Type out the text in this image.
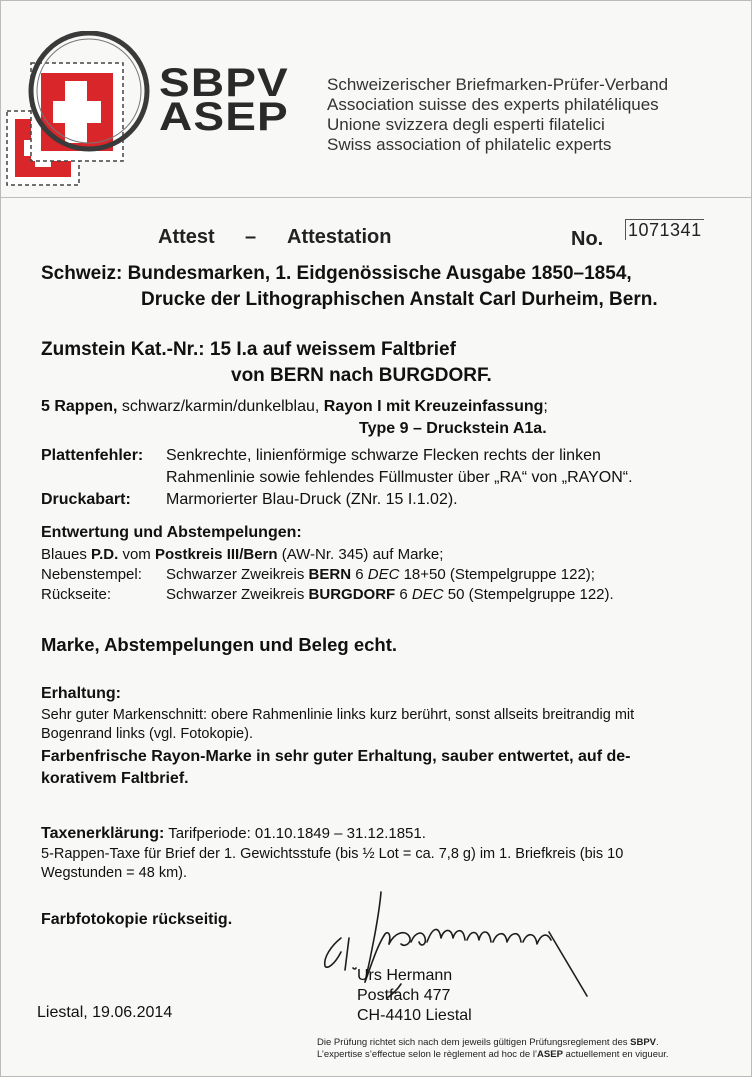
SBPV
ASEP
Schweizerischer Briefmarken-Prüfer-Verband
Association suisse des experts philatéliques
Unione svizzera degli esperti filatelici
Swiss association of philatelic experts
Attest – Attestation	No. 1071341
Schweiz: Bundesmarken, 1. Eidgenössische Ausgabe 1850–1854,
Drucke der Lithographischen Anstalt Carl Durheim, Bern.
Zumstein Kat.-Nr.: 15 I.a auf weissem Faltbrief
von BERN nach BURGDORF.
5 Rappen, schwarz/karmin/dunkelblau, Rayon I mit Kreuzeinfassung;
Type 9 – Druckstein A1a.
Plattenfehler: Senkrechte, linienförmige schwarze Flecken rechts der linken
Rahmenlinie sowie fehlendes Füllmuster über „RA“ von „RAYON“.
Druckabart: Marmorierter Blau-Druck (ZNr. 15 I.1.02).
Entwertung und Abstempelungen:
Blaues P.D. vom Postkreis III/Bern (AW-Nr. 345) auf Marke;
Nebenstempel: Schwarzer Zweikreis BERN 6 DEC 18+50 (Stempelgruppe 122);
Rückseite:	Schwarzer Zweikreis BURGDORF 6 DEC 50 (Stempelgruppe 122).
Marke, Abstempelungen und Beleg echt.
Erhaltung:
Sehr guter Markenschnitt: obere Rahmenlinie links kurz berührt, sonst allseits breitrandig mit
Bogenrand links (vgl. Fotokopie).
Farbenfrische Rayon-Marke in sehr guter Erhaltung, sauber entwertet, auf de-
korativem Faltbrief.
Taxenerklärung: Tarifperiode: 01.10.1849 – 31.12.1851.
5-Rappen-Taxe für Brief der 1. Gewichtsstufe (bis ½ Lot = ca. 7,8 g) im 1. Briefkreis (bis 10
Wegstunden = 48 km).
Farbfotokopie rückseitig.
Urs Hermann
Postfach 477
CH-4410 Liestal
Liestal, 19.06.2014
Die Prüfung richtet sich nach dem jeweils gültigen Prüfungsreglement des SBPV.
L’expertise s’effectue selon le règlement ad hoc de l’ASEP actuellement en vigueur.
